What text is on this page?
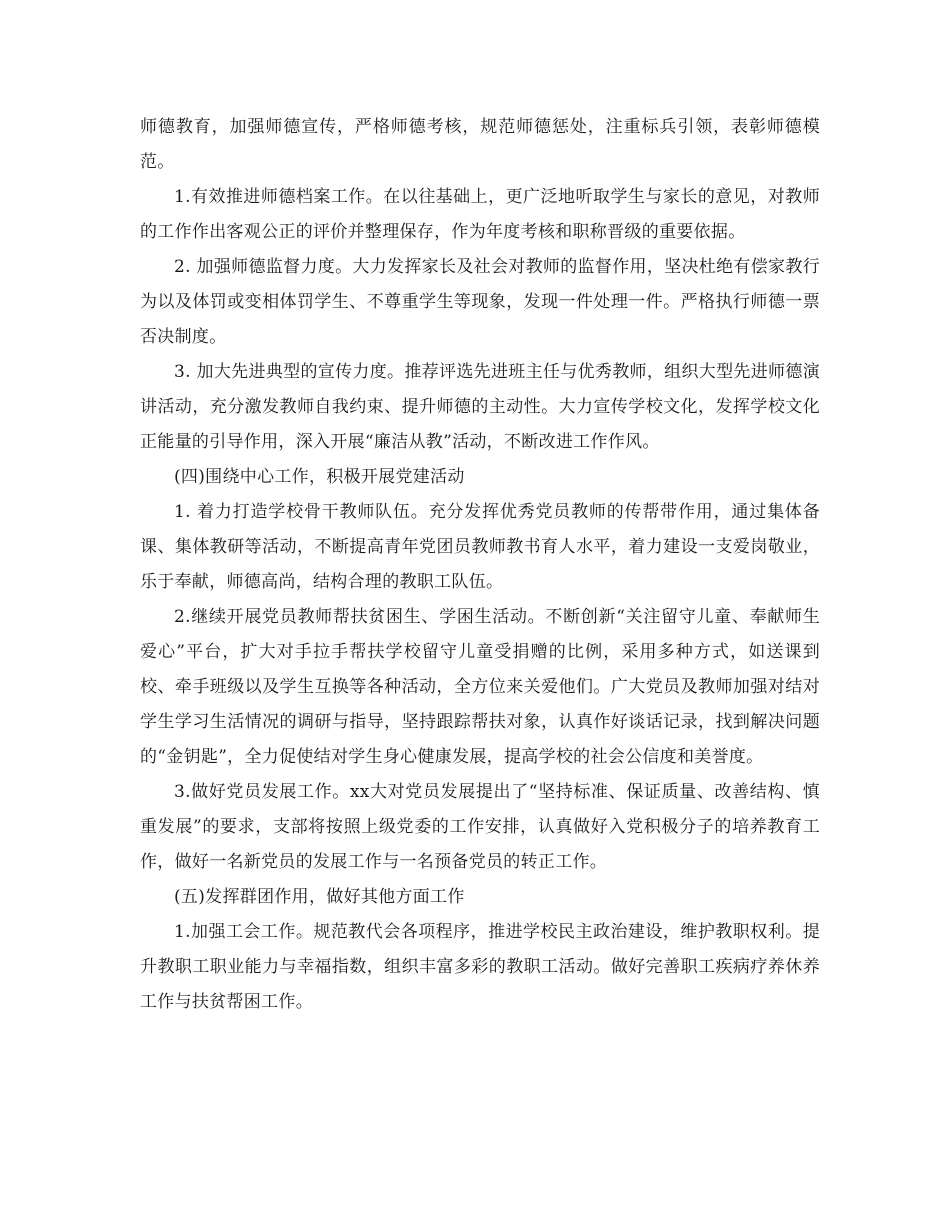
师德教育，加强师德宣传，严格师德考核，规范师德惩处，注重标兵引领，表彰师德模范。

1.有效推进师德档案工作。在以往基础上，更广泛地听取学生与家长的意见，对教师的工作作出客观公正的评价并整理保存，作为年度考核和职称晋级的重要依据。

2. 加强师德监督力度。大力发挥家长及社会对教师的监督作用，坚决杜绝有偿家教行为以及体罚或变相体罚学生、不尊重学生等现象，发现一件处理一件。严格执行师德一票否决制度。

3. 加大先进典型的宣传力度。推荐评选先进班主任与优秀教师，组织大型先进师德演讲活动，充分激发教师自我约束、提升师德的主动性。大力宣传学校文化，发挥学校文化正能量的引导作用，深入开展“廉洁从教”活动，不断改进工作作风。

(四)围绕中心工作，积极开展党建活动

1. 着力打造学校骨干教师队伍。充分发挥优秀党员教师的传帮带作用，通过集体备课、集体教研等活动，不断提高青年党团员教师教书育人水平，着力建设一支爱岗敬业，乐于奉献，师德高尚，结构合理的教职工队伍。

2.继续开展党员教师帮扶贫困生、学困生活动。不断创新“关注留守儿童、奉献师生爱心”平台，扩大对手拉手帮扶学校留守儿童受捐赠的比例，采用多种方式，如送课到校、牵手班级以及学生互换等各种活动，全方位来关爱他们。广大党员及教师加强对结对学生学习生活情况的调研与指导，坚持跟踪帮扶对象，认真作好谈话记录，找到解决问题的“金钥匙”，全力促使结对学生身心健康发展，提高学校的社会公信度和美誉度。

3.做好党员发展工作。xx大对党员发展提出了“坚持标准、保证质量、改善结构、慎重发展”的要求，支部将按照上级党委的工作安排，认真做好入党积极分子的培养教育工作，做好一名新党员的发展工作与一名预备党员的转正工作。

(五)发挥群团作用，做好其他方面工作

1.加强工会工作。规范教代会各项程序，推进学校民主政治建设，维护教职权利。提升教职工职业能力与幸福指数，组织丰富多彩的教职工活动。做好完善职工疾病疗养休养工作与扶贫帮困工作。
